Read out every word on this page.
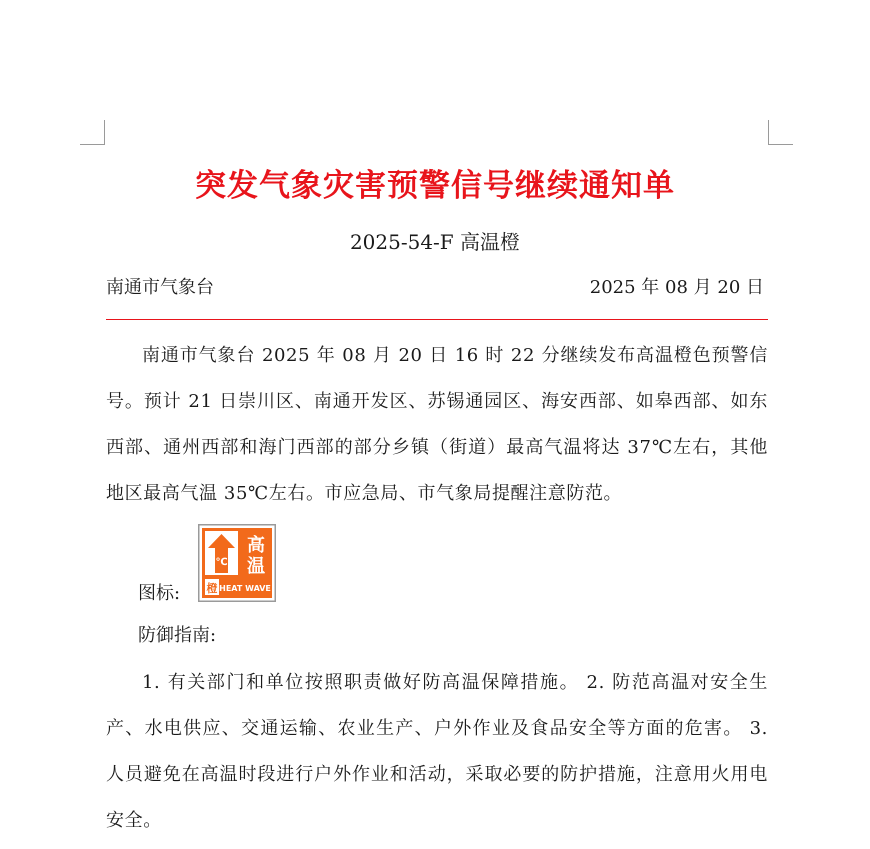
突发气象灾害预警信号继续通知单
2025-54-F 高温橙
南通市气象台	2025 年 08 月 20 日
南通市气象台 2025 年 08 月 20 日 16 时 22 分继续发布高温橙色预警信号。预计 21 日崇川区、南通开发区、苏锡通园区、海安西部、如皋西部、如东西部、通州西部和海门西部的部分乡镇（街道）最高气温将达 37℃左右，其他地区最高气温 35℃左右。市应急局、市气象局提醒注意防范。
图标:
℃
高
温
橙 HEAT WAVE
防御指南:
1. 有关部门和单位按照职责做好防高温保障措施。 2. 防范高温对安全生产、水电供应、交通运输、农业生产、户外作业及食品安全等方面的危害。 3. 人员避免在高温时段进行户外作业和活动，采取必要的防护措施，注意用火用电安全。
